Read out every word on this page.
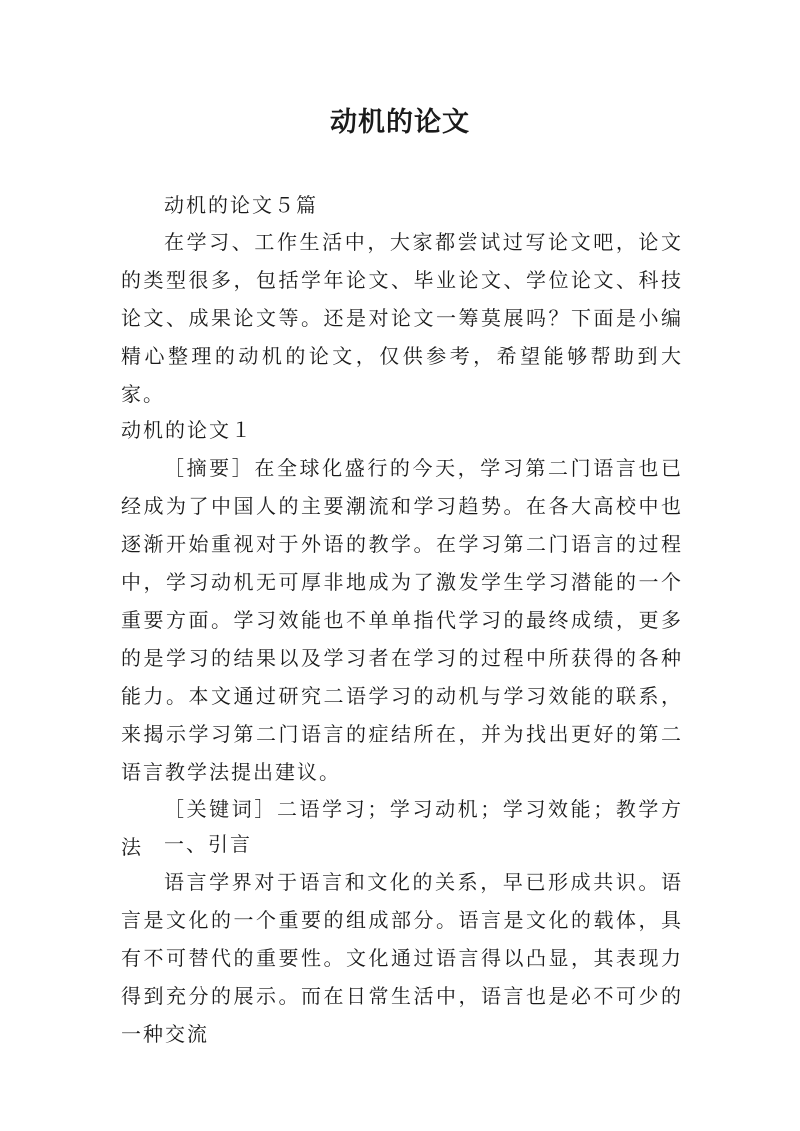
动机的论文
动机的论文５篇
在学习、工作生活中，大家都尝试过写论文吧，论文的类型很多，包括学年论文、毕业论文、学位论文、科技论文、成果论文等。还是对论文一筹莫展吗？下面是小编精心整理的动机的论文，仅供参考，希望能够帮助到大家。
动机的论文１
［摘要］在全球化盛行的今天，学习第二门语言也已经成为了中国人的主要潮流和学习趋势。在各大高校中也逐渐开始重视对于外语的教学。在学习第二门语言的过程中，学习动机无可厚非地成为了激发学生学习潜能的一个重要方面。学习效能也不单单指代学习的最终成绩，更多的是学习的结果以及学习者在学习的过程中所获得的各种能力。本文通过研究二语学习的动机与学习效能的联系，来揭示学习第二门语言的症结所在，并为找出更好的第二语言教学法提出建议。
［关键词］二语学习；学习动机；学习效能；教学方法	一、引言
语言学界对于语言和文化的关系，早已形成共识。语言是文化的一个重要的组成部分。语言是文化的载体，具有不可替代的重要性。文化通过语言得以凸显，其表现力得到充分的展示。而在日常生活中，语言也是必不可少的一种交流
